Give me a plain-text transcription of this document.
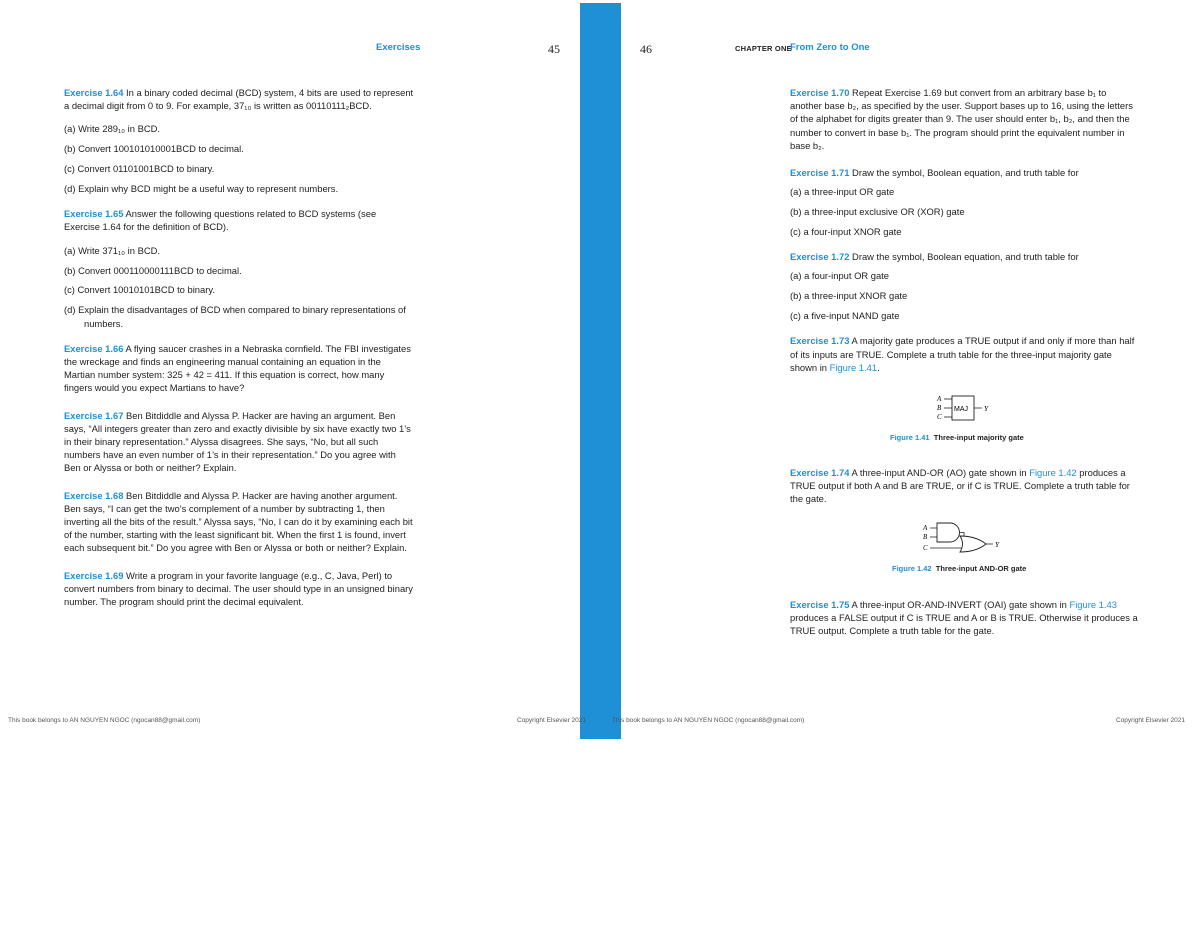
Exercises	45	46	CHAPTER ONE
From Zero to One
Exercise 1.64 In a binary coded decimal (BCD) system, 4 bits are used to represent a decimal digit from 0 to 9. For example, 37₁₀ is written as 00110111₂BCD.
(a) Write 289₁₀ in BCD.
(b) Convert 100101010001BCD to decimal.
(c) Convert 01101001BCD to binary.
(d) Explain why BCD might be a useful way to represent numbers.
Exercise 1.65 Answer the following questions related to BCD systems (see Exercise 1.64 for the definition of BCD).
(a) Write 371₁₀ in BCD.
(b) Convert 000110000111BCD to decimal.
(c) Convert 10010101BCD to binary.
(d) Explain the disadvantages of BCD when compared to binary representations of numbers.
Exercise 1.66 A flying saucer crashes in a Nebraska cornfield. The FBI investigates the wreckage and finds an engineering manual containing an equation in the Martian number system: 325 + 42 = 411. If this equation is correct, how many fingers would you expect Martians to have?
Exercise 1.67 Ben Bitdiddle and Alyssa P. Hacker are having an argument. Ben says, “All integers greater than zero and exactly divisible by six have exactly two 1’s in their binary representation.” Alyssa disagrees. She says, “No, but all such numbers have an even number of 1’s in their representation.” Do you agree with Ben or Alyssa or both or neither? Explain.
Exercise 1.68 Ben Bitdiddle and Alyssa P. Hacker are having another argument. Ben says, “I can get the two’s complement of a number by subtracting 1, then inverting all the bits of the result.” Alyssa says, “No, I can do it by examining each bit of the number, starting with the least significant bit. When the first 1 is found, invert each subsequent bit.” Do you agree with Ben or Alyssa or both or neither? Explain.
Exercise 1.69 Write a program in your favorite language (e.g., C, Java, Perl) to convert numbers from binary to decimal. The user should type in an unsigned binary number. The program should print the decimal equivalent.
Exercise 1.70 Repeat Exercise 1.69 but convert from an arbitrary base b₁ to another base b₂, as specified by the user. Support bases up to 16, using the letters of the alphabet for digits greater than 9. The user should enter b₁, b₂, and then the number to convert in base b₁. The program should print the equivalent number in base b₂.
Exercise 1.71 Draw the symbol, Boolean equation, and truth table for
(a) a three-input OR gate
(b) a three-input exclusive OR (XOR) gate
(c) a four-input XNOR gate
Exercise 1.72 Draw the symbol, Boolean equation, and truth table for
(a) a four-input OR gate
(b) a three-input XNOR gate
(c) a five-input NAND gate
Exercise 1.73 A majority gate produces a TRUE output if and only if more than half of its inputs are TRUE. Complete a truth table for the three-input majority gate shown in Figure 1.41.
A
B
C
MAJ Y
Figure 1.41 Three-input majority gate
Exercise 1.74 A three-input AND-OR (AO) gate shown in Figure 1.42 produces a TRUE output if both A and B are TRUE, or if C is TRUE. Complete a truth table for the gate.
A
B
C	Y
Figure 1.42 Three-input AND-OR gate
Exercise 1.75 A three-input OR-AND-INVERT (OAI) gate shown in Figure 1.43 produces a FALSE output if C is TRUE and A or B is TRUE. Otherwise it produces a TRUE output. Complete a truth table for the gate.
This book belongs to AN NGUYEN NGOC (ngocan88@gmail.com)	Copyright Elsevier 2021	This book belongs to AN NGUYEN NGOC (ngocan88@gmail.com)	Copyright Elsevier 2021
